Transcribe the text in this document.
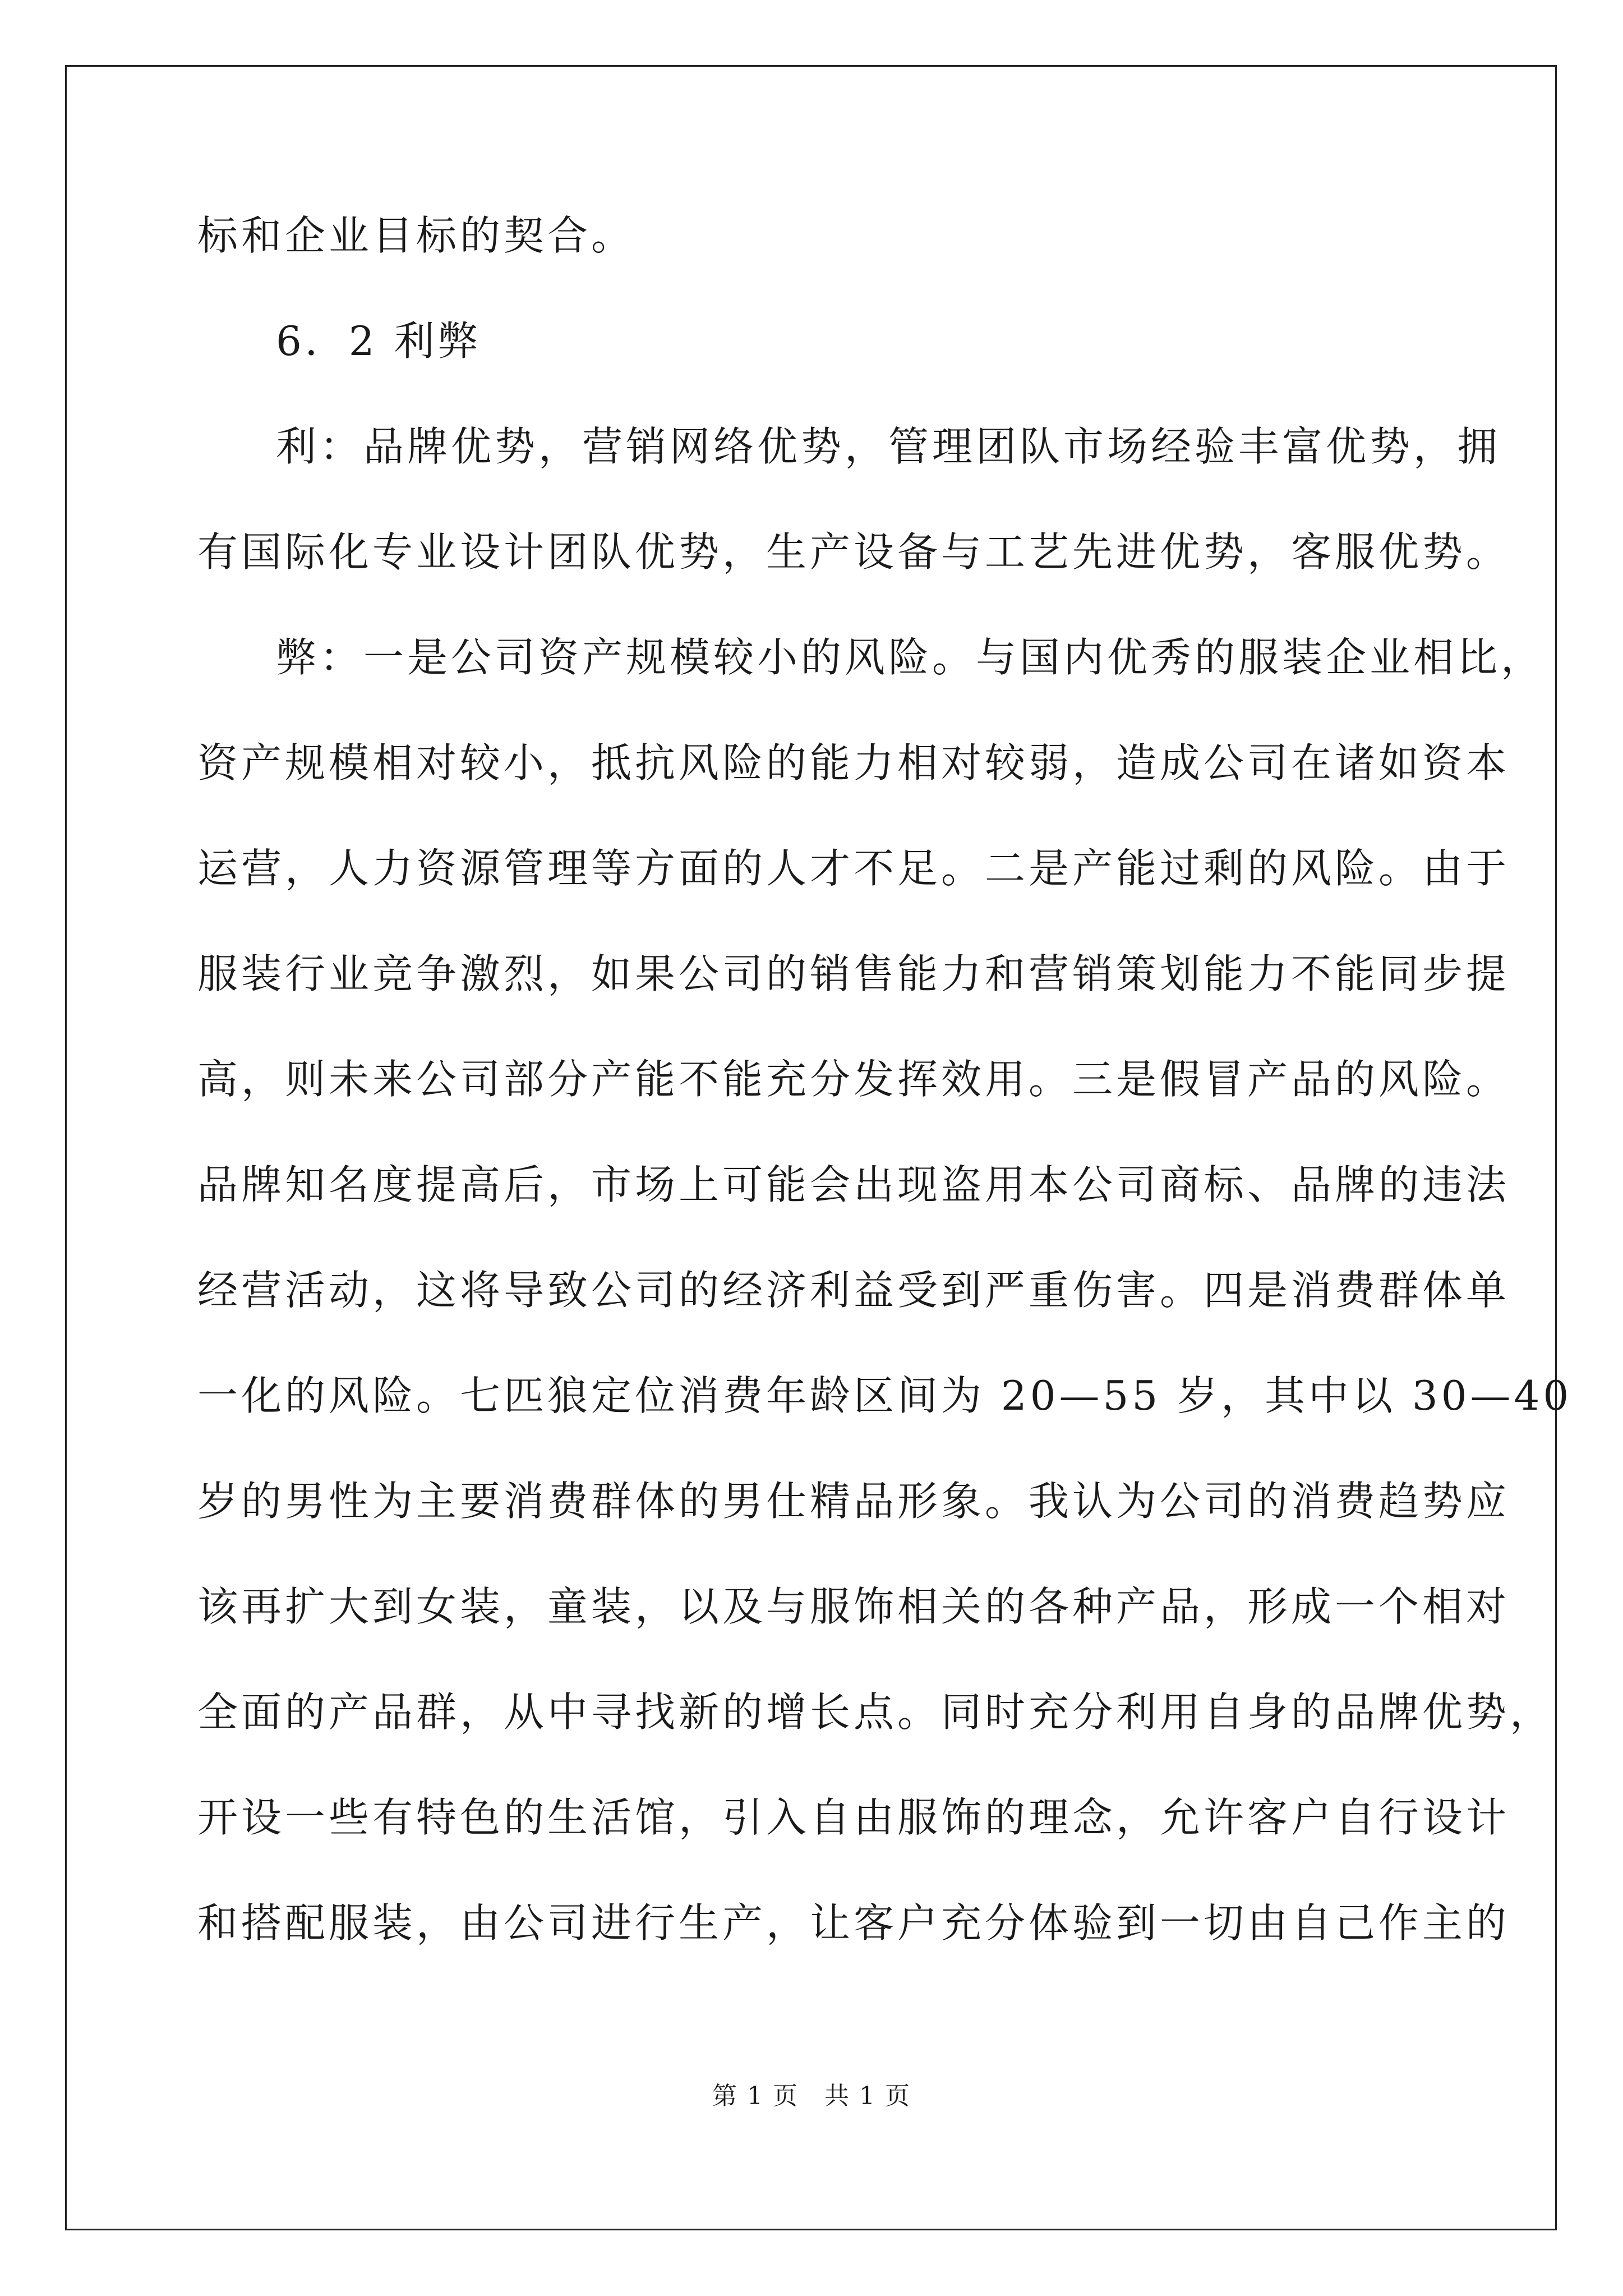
标和企业目标的契合。
6．2 利弊
利：品牌优势，营销网络优势，管理团队市场经验丰富优势，拥
有国际化专业设计团队优势，生产设备与工艺先进优势，客服优势。
弊：一是公司资产规模较小的风险。与国内优秀的服装企业相比，
资产规模相对较小，抵抗风险的能力相对较弱，造成公司在诸如资本
运营，人力资源管理等方面的人才不足。二是产能过剩的风险。由于
服装行业竞争激烈，如果公司的销售能力和营销策划能力不能同步提
高，则未来公司部分产能不能充分发挥效用。三是假冒产品的风险。
品牌知名度提高后，市场上可能会出现盗用本公司商标、品牌的违法
经营活动，这将导致公司的经济利益受到严重伤害。四是消费群体单
一化的风险。七匹狼定位消费年龄区间为 20—55 岁，其中以 30—40
岁的男性为主要消费群体的男仕精品形象。我认为公司的消费趋势应
该再扩大到女装，童装，以及与服饰相关的各种产品，形成一个相对
全面的产品群，从中寻找新的增长点。同时充分利用自身的品牌优势，
开设一些有特色的生活馆，引入自由服饰的理念，允许客户自行设计
和搭配服装，由公司进行生产，让客户充分体验到一切由自己作主的
第 1 页　共 1 页
